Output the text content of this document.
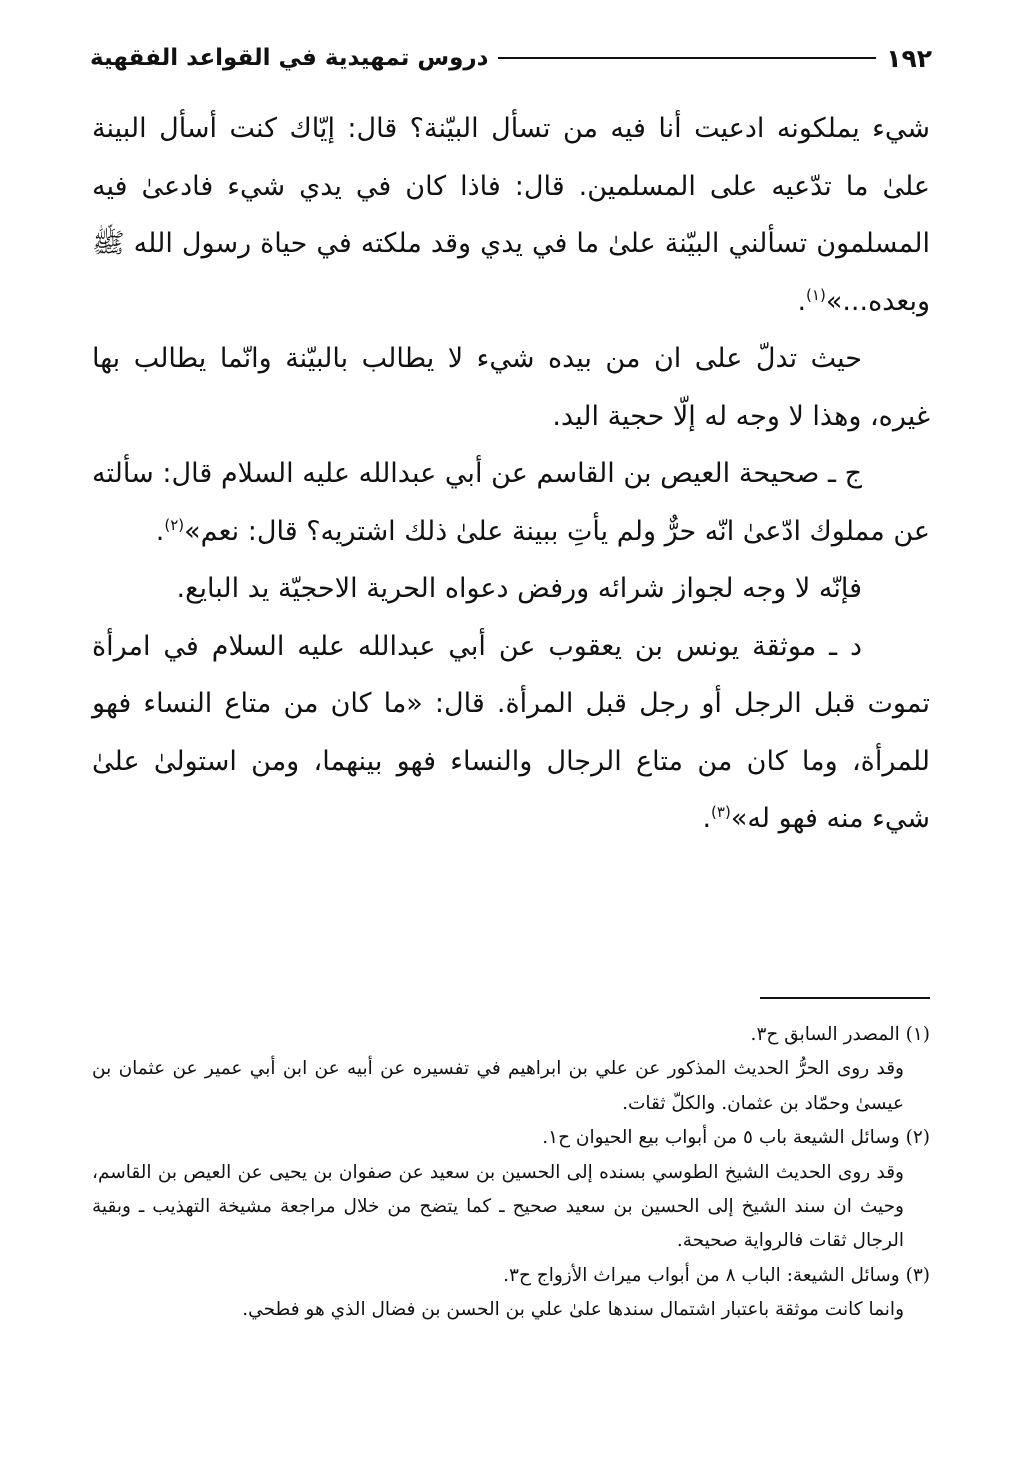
١٩٢
دروس تمهيدية في القواعد الفقهية

شيء يملكونه ادعيت أنا فيه من تسأل البيّنة؟ قال: إيّاك كنت أسأل البينة علىٰ ما تدّعيه على المسلمين. قال: فاذا كان في يدي شيء فادعىٰ فيه المسلمون تسألني البيّنة علىٰ ما في يدي وقد ملكته في حياة رسول الله ﷺ وبعده...»$^{(١)}$.

حيث تدلّ على ان من بيده شيء لا يطالب بالبيّنة وانّما يطالب بها غيره، وهذا لا وجه له إلّا حجية اليد.

ج ـ صحيحة العيص بن القاسم عن أبي عبدالله عليه السلام قال: سألته عن مملوك ادّعىٰ انّه حرٌّ ولم يأتِ ببينة علىٰ ذلك اشتريه؟ قال: نعم»$^{(٢)}$.

فإنّه لا وجه لجواز شرائه ورفض دعواه الحرية الاحجيّة يد البايع.

د ـ موثقة يونس بن يعقوب عن أبي عبدالله عليه السلام في امرأة تموت قبل الرجل أو رجل قبل المرأة. قال: «ما كان من متاع النساء فهو للمرأة، وما كان من متاع الرجال والنساء فهو بينهما، ومن استولىٰ علىٰ شيء منه فهو له»$^{(٣)}$.

(١) المصدر السابق ح٣.

وقد روى الحرُّ الحديث المذكور عن علي بن ابراهيم في تفسيره عن أبيه عن ابن أبي عمير عن عثمان بن عيسىٰ وحمّاد بن عثمان. والكلّ ثقات.

(٢) وسائل الشيعة باب ٥ من أبواب بيع الحيوان ح١.

وقد روى الحديث الشيخ الطوسي بسنده إلى الحسين بن سعيد عن صفوان بن يحيى عن العيص بن القاسم، وحيث ان سند الشيخ إلى الحسين بن سعيد صحيح ـ كما يتضح من خلال مراجعة مشيخة التهذيب ـ وبقية الرجال ثقات فالرواية صحيحة.

(٣) وسائل الشيعة: الباب ٨ من أبواب ميراث الأزواج ح٣.

وانما كانت موثقة باعتبار اشتمال سندها علىٰ علي بن الحسن بن فضال الذي هو فطحي.
